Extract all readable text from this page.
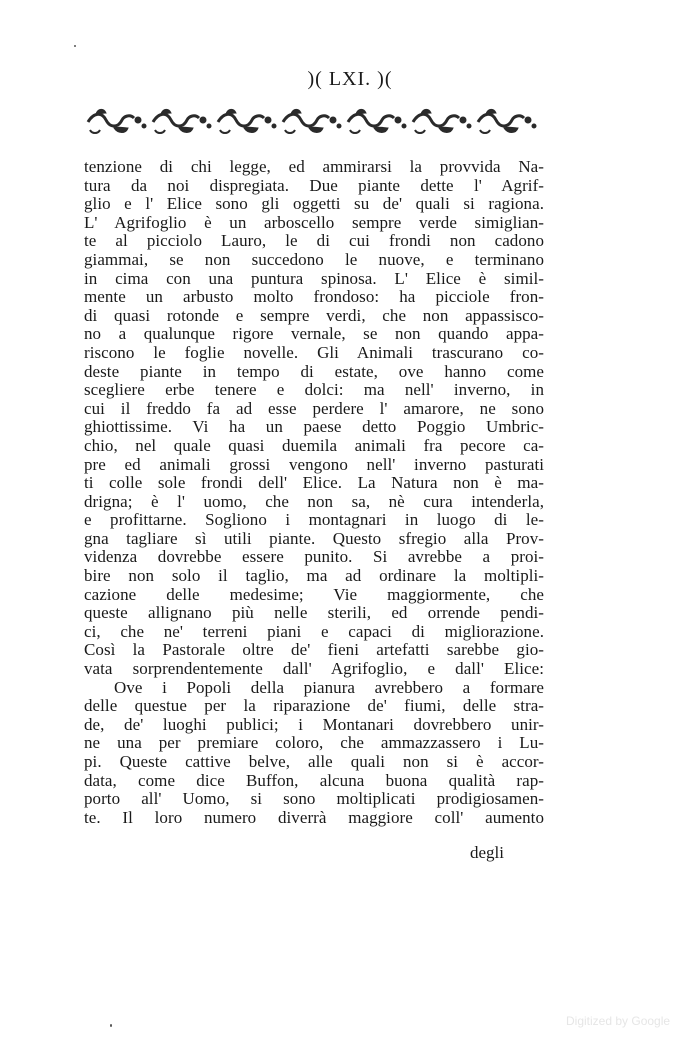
)( LXI. )(
tenzione di chi legge, ed ammirarsi la provvida Na-
tura da noi dispregiata. Due piante dette l' Agrif-
glio e l' Elice sono gli oggetti su de' quali si ragiona.
L' Agrifoglio è un arboscello sempre verde simiglian-
te al picciolo Lauro, le di cui frondi non cadono
giammai, se non succedono le nuove, e terminano
in cima con una puntura spinosa. L' Elice è simil-
mente un arbusto molto frondoso: ha picciole fron-
di quasi rotonde e sempre verdi, che non appassisco-
no a qualunque rigore vernale, se non quando appa-
riscono le foglie novelle. Gli Animali trascurano co-
deste piante in tempo di estate, ove hanno come
scegliere erbe tenere e dolci: ma nell' inverno, in
cui il freddo fa ad esse perdere l' amarore, ne sono
ghiottissime. Vi ha un paese detto Poggio Umbric-
chio, nel quale quasi duemila animali fra pecore ca-
pre ed animali grossi vengono nell' inverno pasturati
ti colle sole frondi dell' Elice. La Natura non è ma-
drigna; è l' uomo, che non sa, nè cura intenderla,
e profittarne. Sogliono i montagnari in luogo di le-
gna tagliare sì utili piante. Questo sfregio alla Prov-
videnza dovrebbe essere punito. Si avrebbe a proi-
bire non solo il taglio, ma ad ordinare la moltipli-
cazione delle medesime; Vie maggiormente, che
queste allignano più nelle sterili, ed orrende pendi-
ci, che ne' terreni piani e capaci di migliorazione.
Così la Pastorale oltre de' fieni artefatti sarebbe gio-
vata sorprendentemente dall' Agrifoglio, e dall' Elice:
Ove i Popoli della pianura avrebbero a formare
delle questue per la riparazione de' fiumi, delle stra-
de, de' luoghi publici; i Montanari dovrebbero unir-
ne una per premiare coloro, che ammazzassero i Lu-
pi. Queste cattive belve, alle quali non si è accor-
data, come dice Buffon, alcuna buona qualità rap-
porto all' Uomo, si sono moltiplicati prodigiosamen-
te. Il loro numero diverrà maggiore coll' aumento
degli
Digitized by Google
